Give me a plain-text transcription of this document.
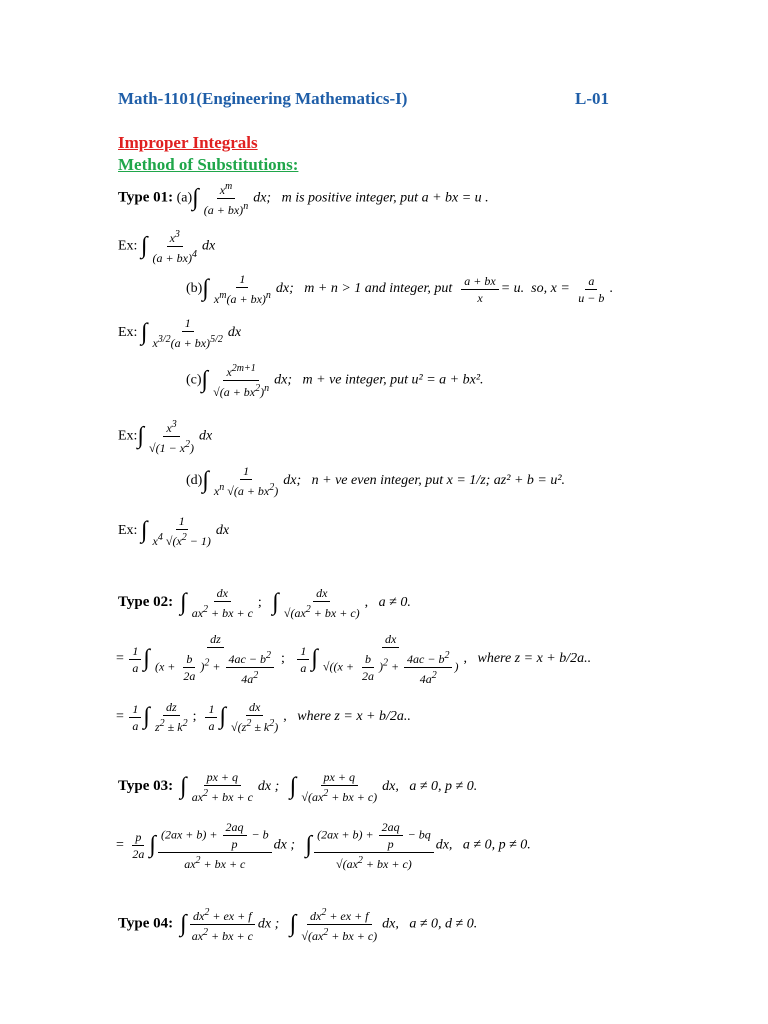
Math-1101(Engineering Mathematics-I)	L-01
Improper Integrals
Method of Substitutions:
Type 01: $(a)\int \frac{x^m}{(a + bx)^n}$ dx; m is positive integer, put a + bx = u .
Ex: ∫ $\frac{x^3}{(a + bx)^4}$ dx
$(b)\int \frac{1}{x^m(a + bx)^n}$ dx; m + n > 1 and integer, put $\frac{a + bx}{x} = u$. so, $x = \frac{a}{u - b}$ .
Ex: ∫ $\frac{1}{x^{3/2}(a + bx)^{5/2}}$ dx
$(c)\int \frac{x^{2m+1}}{√(a + bx^2)^n}$ dx; m + ve integer, put u² = a + bx².
Ex:∫ $\frac{x^3}{√(1 - x^2)}$ dx
$(d)\int \frac{1}{x^n √(a + bx^2)}$ dx; n + ve even integer, put x = 1/z; az² + b = u².
Ex: ∫ $\frac{1}{x^4 √(x^2 - 1)}$ dx
Type 02: ∫ $\frac{dx}{ax^2 + bx + c}$ ;   ∫ $\frac{dx}{√(ax^2 + bx + c)}$ ,   a ≠ 0.
= $\frac{1}{a}$ ∫ $\frac{dz}{(x + \frac{b}{2a} )^2 + \frac{4ac - b^2}{4a^2}}$ ; $\frac{1}{a}$ ∫ $\frac{dx}{√((x + \frac{b}{2a} )^2 + \frac{4ac - b^2}{4a^2} )}$ ,   where z = x + b/2a..
= $\frac{1}{a}$ ∫ $\frac{dz}{z^2 \pm k^2}$ ; $\frac{1}{a}$ ∫ $\frac{dx}{√(z^2 \pm k^2)}$ ,   where z = x + b/2a..
Type 03: ∫ $\frac{px + q}{ax^2 + bx + c}$ dx ; ∫ $\frac{px + q}{√(ax^2 + bx + c)}$ dx, a ≠ 0, p ≠ 0.
= $\frac{p}{2a}$ ∫ $\frac{(2ax + b) + \frac{2aq}{p} - b}{ax^2 + bx + c}$ dx ; ∫ $\frac{(2ax + b) + \frac{2aq}{p} - bq}{√(ax^2 + bx + c)}$ dx, a ≠ 0, p ≠ 0.
Type 04: ∫ $\frac{dx^2 + ex + f}{ax^2 + bx + c}$ dx ; ∫ $\frac{dx^2 + ex + f}{√(ax^2 + bx + c)}$ dx, a ≠ 0, d ≠ 0.
